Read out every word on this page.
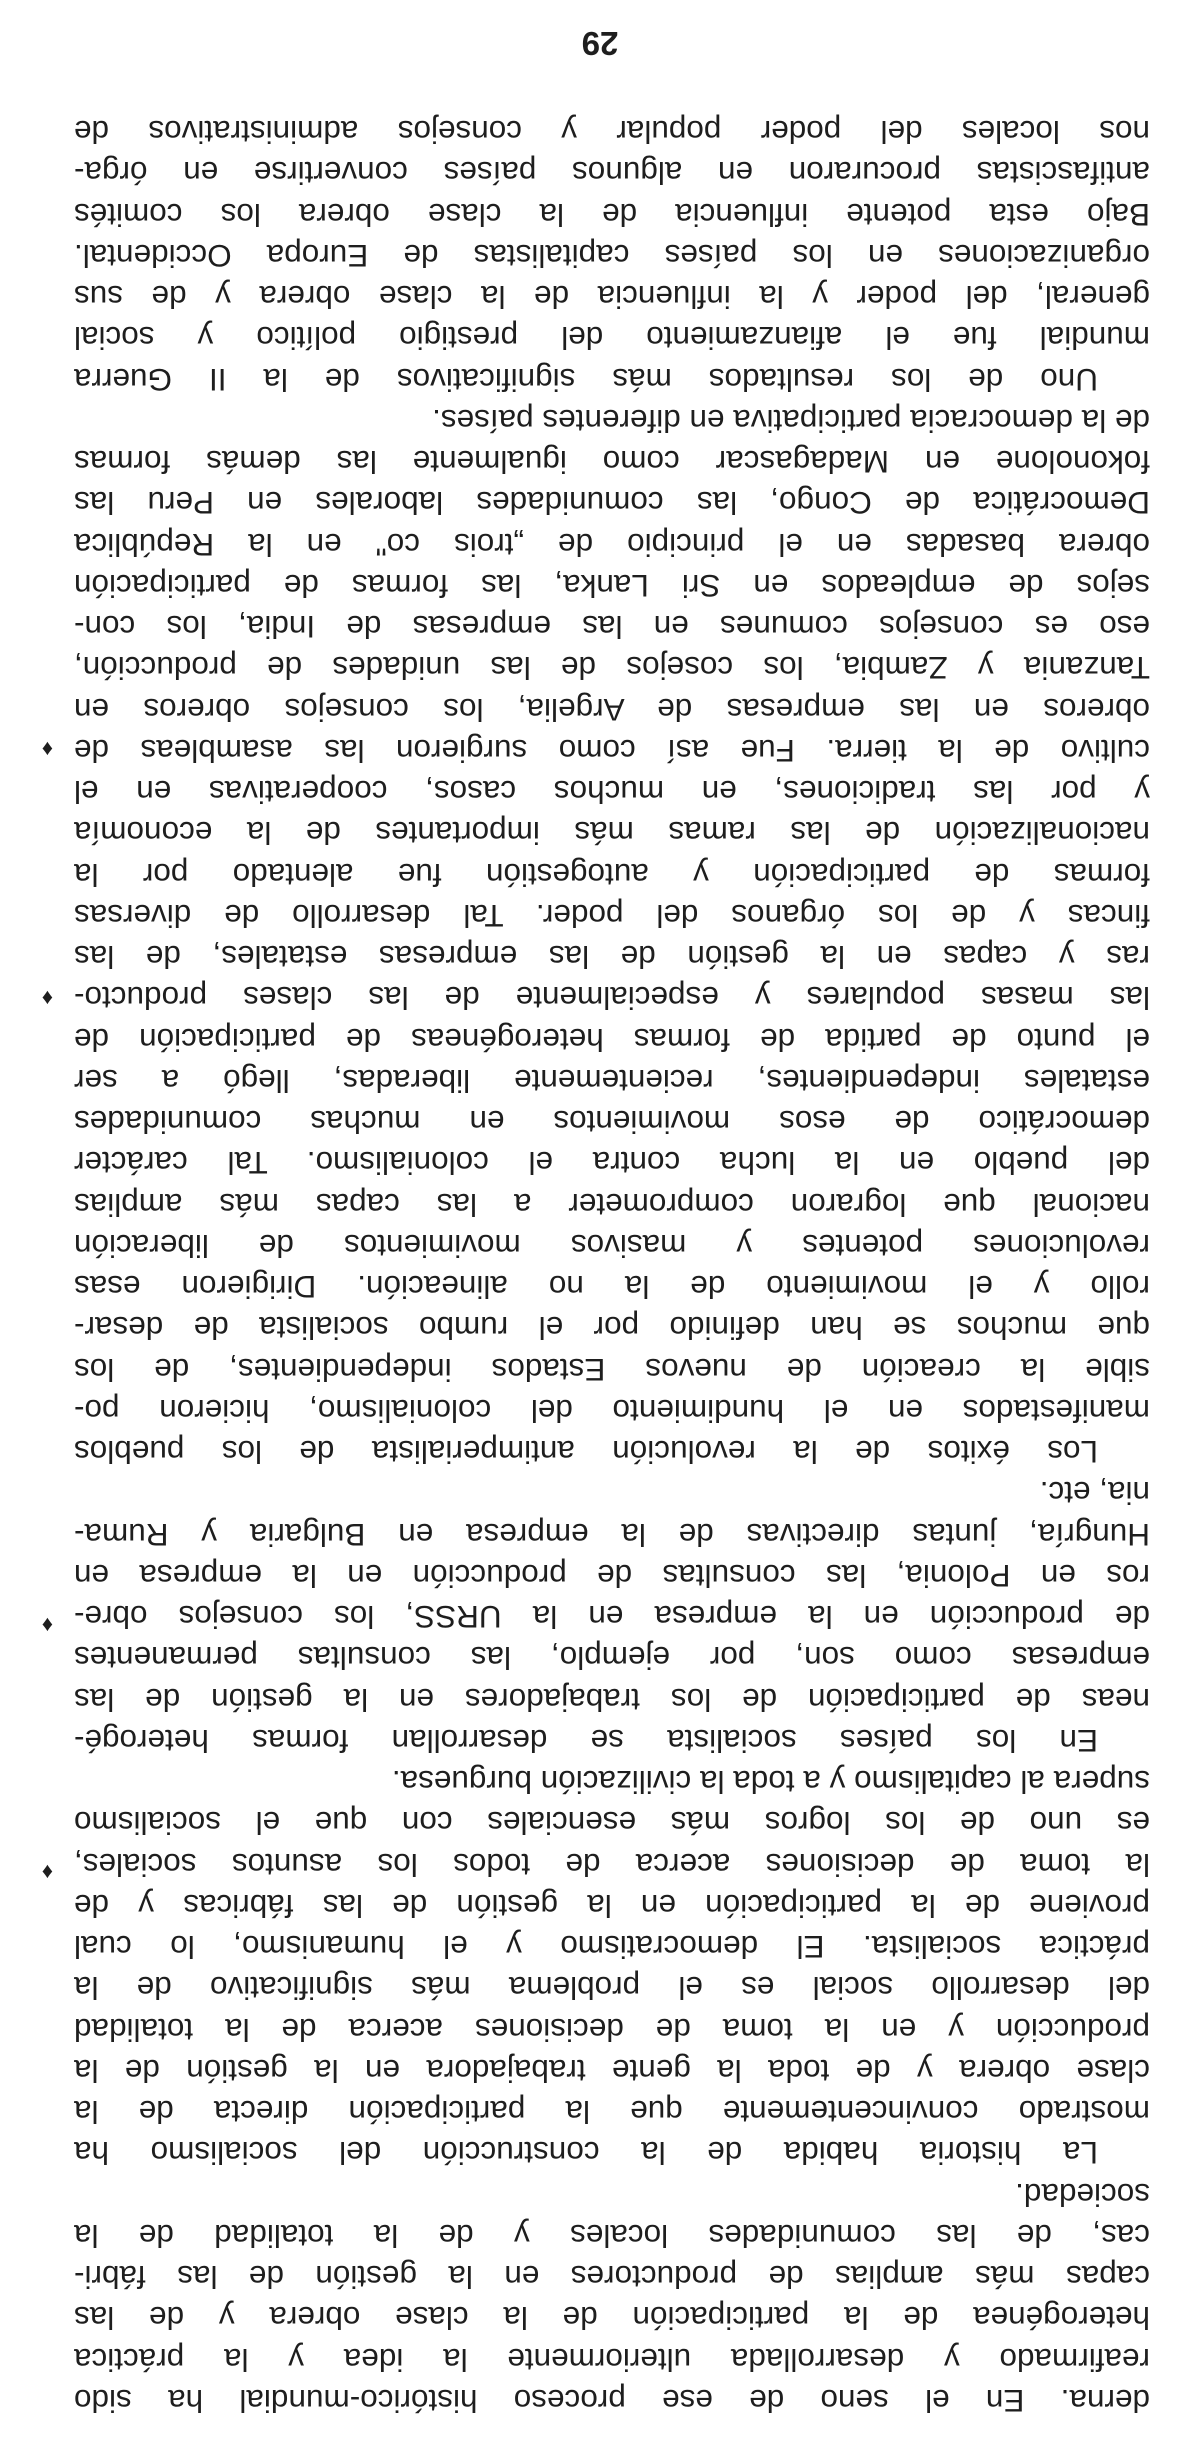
derna. En el seno de ese proceso histórico-mundial ha sido
reafirmado y desarrollada ulteriormente la idea y la práctica
heterogénea de la participación de la clase obrera y de las
capas más amplias de productores en la gestión de las fábri-
cas, de las comunidades locales y de la totalidad de la
sociedad.
La historia habida de la construcción del socialismo ha
mostrado convincentemente que la participación directa de la
clase obrera y de toda la gente trabajadora en la gestión de la
producción y en la toma de decisiones acerca de la totalidad
del desarrollo social es el problema más significativo de la
práctica socialista. El democratismo y el humanismo, lo cual
proviene de la participación en la gestión de las fábricas y de
la toma de decisiones acerca de todos los asuntos sociales,
es uno de los logros más esenciales con que el socialismo
supera al capitalismo y a toda la civilización burguesa.
En los países socialista se desarrollan formas heterogé-
neas de participación de los trabajadores en la gestión de las
empresas como son, por ejemplo, las consultas permanentes
de producción en la empresa en la URSS, los consejos obre-
ros en Polonia, las consultas de producción en la empresa en
Hungría, juntas directivas de la empresa en Bulgaria y Ruma-
nia, etc.
Los éxitos de la revolución antimperialista de los pueblos
manifestados en el hundimiento del colonialismo, hicieron po-
sible la creación de nuevos Estados independientes, de los
que muchos se han definido por el rumbo socialista de desar-
rollo y el movimiento de la no alineación. Dirigieron esas
revoluciones potentes y masivos movimientos de liberación
nacional que lograron comprometer a las capas más amplias
del pueblo en la lucha contra el colonialismo. Tal carácter
democrático de esos movimientos en muchas comunidades
estatales independientes, recientemente liberadas, llegó a ser
el punto de partida de formas heterogéneas de participación de
las masas populares y especialmente de las clases producto-
ras y capas en la gestión de las empresas estatales, de las
fincas y de los órganos del poder. Tal desarrollo de diversas
formas de participación y autogestión fue alentado por la
nacionalización de las ramas más importantes de la economía
y por las tradiciones, en muchos casos, cooperativas en el
cultivo de la tierra. Fue así como surgieron las asambleas de
obreros en las empresas de Argelia, los consejos obreros en
Tanzania y Zambia, los cosejos de las unidades de producción,
eso es consejos comunes en las empresas de India, los con-
sejos de empleados en Sri Lanka, las formas de participación
obrera basadas en el principio de „trois co" en la República
Democrática de Congo, las comunidades laborales en Peru las
fokonolone en Madagascar como igualmente las demás formas
de la democracia participativa en diferentes países.
Uno de los resultados más significativos de la II Guerra
mundial fue el afianzamiento del prestigio político y social
general, del poder y la influencia de la clase obrera y de sus
organizaciones en los países capitalistas de Europa Occidental.
Bajo esta potente influencia de la clase obrera los comités
antifascistas procuraron en algunos países convertirse en órga-
nos locales del poder popular y consejos administrativos de
♦
♦
♦
♦
29
